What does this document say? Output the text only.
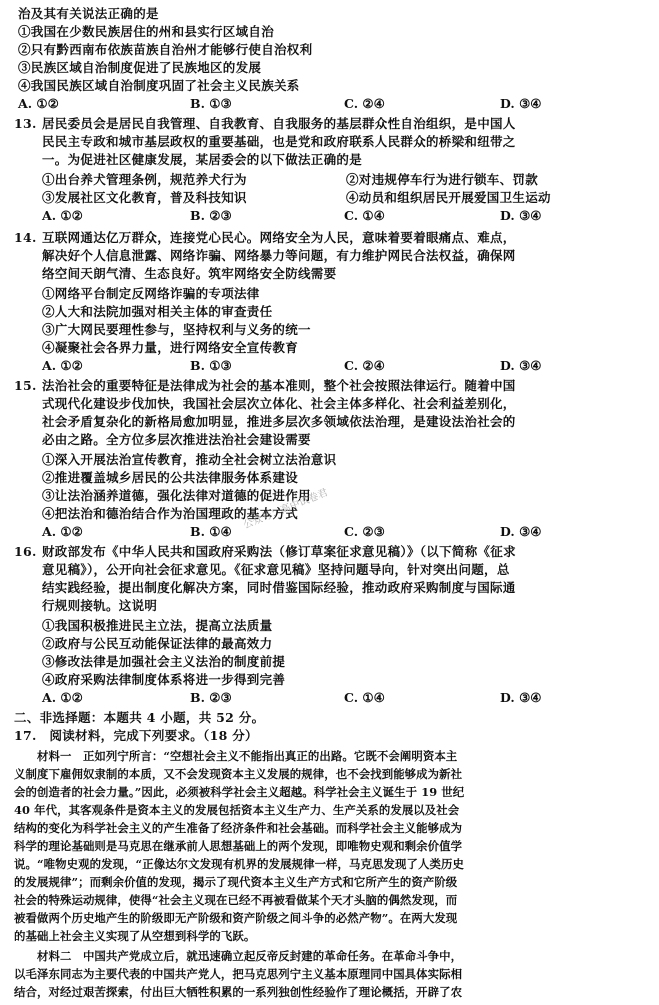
治及其有关说法正确的是
①我国在少数民族居住的州和县实行区域自治
②只有黔西南布依族苗族自治州才能够行使自治权利
③民族区域自治制度促进了民族地区的发展
④我国民族区域自治制度巩固了社会主义民族关系
A. ①②	B. ①③	C. ②④	D. ③④
13. 居民委员会是居民自我管理、自我教育、自我服务的基层群众性自治组织，是中国人
民民主专政和城市基层政权的重要基础，也是党和政府联系人民群众的桥梁和纽带之
一。为促进社区健康发展，某居委会的以下做法正确的是
①出台养犬管理条例，规范养犬行为	②对违规停车行为进行锁车、罚款
③发展社区文化教育，普及科技知识	④动员和组织居民开展爱国卫生运动
A. ①②	B. ②③	C. ①④	D. ③④
14. 互联网通达亿万群众，连接党心民心。网络安全为人民，意味着要着眼痛点、难点，
解决好个人信息泄露、网络诈骗、网络暴力等问题，有力维护网民合法权益，确保网
络空间天朗气清、生态良好。筑牢网络安全防线需要
①网络平台制定反网络诈骗的专项法律
②人大和法院加强对相关主体的审查责任
③广大网民要理性参与，坚持权利与义务的统一
④凝聚社会各界力量，进行网络安全宣传教育
A. ①②	B. ①③	C. ②④	D. ③④
15. 法治社会的重要特征是法律成为社会的基本准则，整个社会按照法律运行。随着中国
式现代化建设步伐加快，我国社会层次立体化、社会主体多样化、社会利益差别化，
社会矛盾复杂化的新格局愈加明显，推进多层次多领域依法治理，是建设法治社会的
必由之路。全方位多层次推进法治社会建设需要
①深入开展法治宣传教育，推动全社会树立法治意识
②推进覆盖城乡居民的公共法律服务体系建设
③让法治涵养道德，强化法律对道德的促进作用
④把法治和德治结合作为治国理政的基本方式
A. ①②	B. ①④	C. ②③	D. ③④
16. 财政部发布《中华人民共和国政府采购法（修订草案征求意见稿）》（以下简称《征求
意见稿》），公开向社会征求意见。《征求意见稿》坚持问题导向，针对突出问题，总
结实践经验，提出制度化解决方案，同时借鉴国际经验，推动政府采购制度与国际通
行规则接轨。这说明
①我国积极推进民主立法，提高立法质量
②政府与公民互动能保证法律的最高效力
③修改法律是加强社会主义法治的制度前提
④政府采购法律制度体系将进一步得到完善
A. ①②	B. ②③	C. ①④	D. ③④
二、非选择题：本题共 4 小题，共 52 分。
17.　阅读材料，完成下列要求。（18 分）
　　材料一　正如列宁所言：“空想社会主义不能指出真正的出路。它既不会阐明资本主
义制度下雇佣奴隶制的本质，又不会发现资本主义发展的规律，也不会找到能够成为新社
会的创造者的社会力量。”因此，必须被科学社会主义超越。科学社会主义诞生于 19 世纪
40 年代，其客观条件是资本主义的发展包括资本主义生产力、生产关系的发展以及社会
结构的变化为科学社会主义的产生准备了经济条件和社会基础。而科学社会主义能够成为
科学的理论基础则是马克思在继承前人思想基础上的两个发现，即唯物史观和剩余价值学
说。“唯物史观的发现，“正像达尔文发现有机界的发展规律一样，马克思发现了人类历史
的发展规律”；而剩余价值的发现，揭示了现代资本主义生产方式和它所产生的资产阶级
社会的特殊运动规律，使得“社会主义现在已经不再被看做某个天才头脑的偶然发现，而
被看做两个历史地产生的阶级即无产阶级和资产阶级之间斗争的必然产物”。在两大发现
的基础上社会主义实现了从空想到科学的飞跃。
　　材料二　中国共产党成立后，就迅速确立起反帝反封建的革命任务。在革命斗争中，
以毛泽东同志为主要代表的中国共产党人，把马克思列宁主义基本原理同中国具体实际相
结合，对经过艰苦探索，付出巨大牺牲积累的一系列独创性经验作了理论概括，开辟了农
公众号：高中试卷君
